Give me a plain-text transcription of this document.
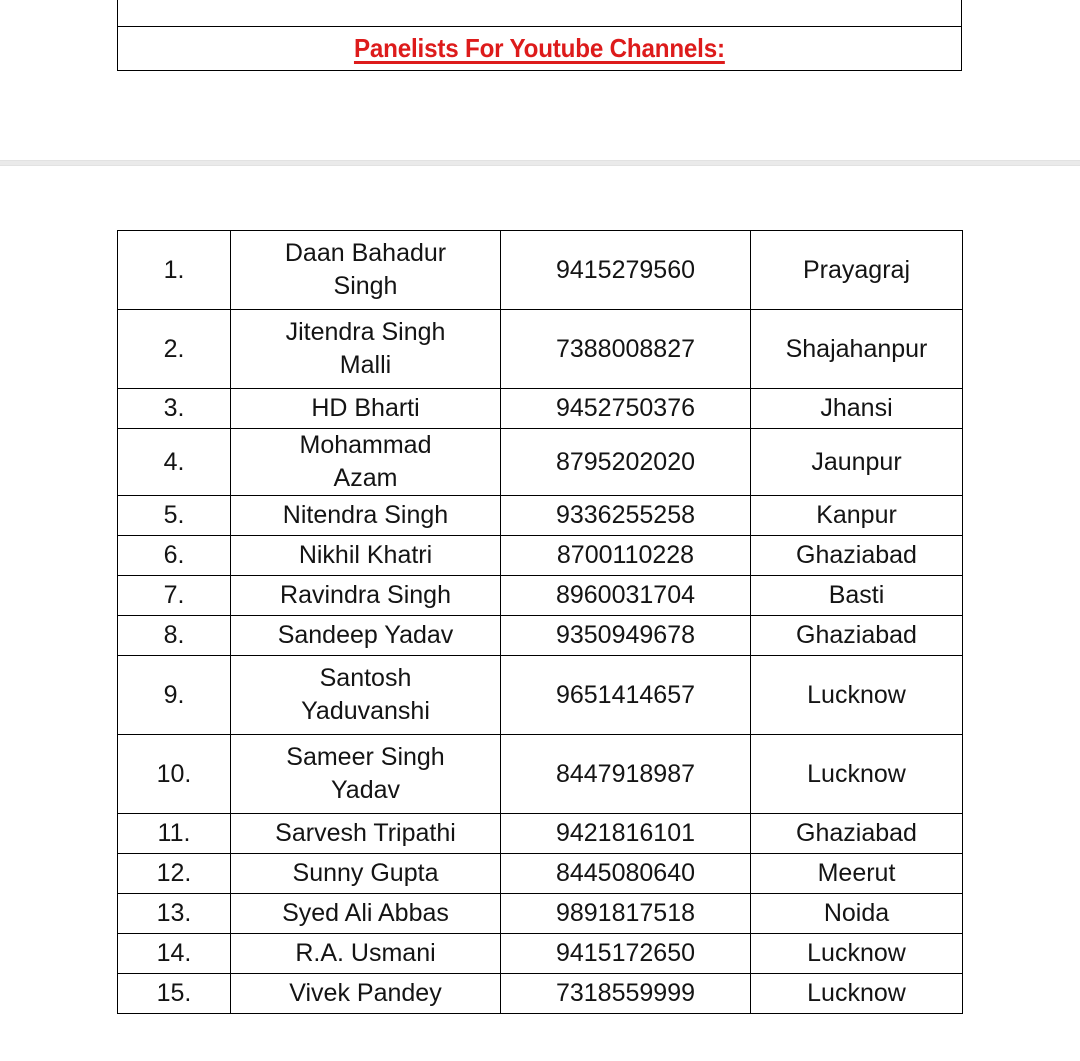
Panelists For Youtube Channels:
1.	Daan Bahadur Singh	9415279560	Prayagraj
2.	Jitendra Singh Malli	7388008827	Shajahanpur
3.	HD Bharti	9452750376	Jhansi
4.	Mohammad Azam	8795202020	Jaunpur
5.	Nitendra Singh	9336255258	Kanpur
6.	Nikhil Khatri	8700110228	Ghaziabad
7.	Ravindra Singh	8960031704	Basti
8.	Sandeep Yadav	9350949678	Ghaziabad
9.	Santosh Yaduvanshi	9651414657	Lucknow
10.	Sameer Singh Yadav	8447918987	Lucknow
11.	Sarvesh Tripathi	9421816101	Ghaziabad
12.	Sunny Gupta	8445080640	Meerut
13.	Syed Ali Abbas	9891817518	Noida
14.	R.A. Usmani	9415172650	Lucknow
15.	Vivek Pandey	7318559999	Lucknow
